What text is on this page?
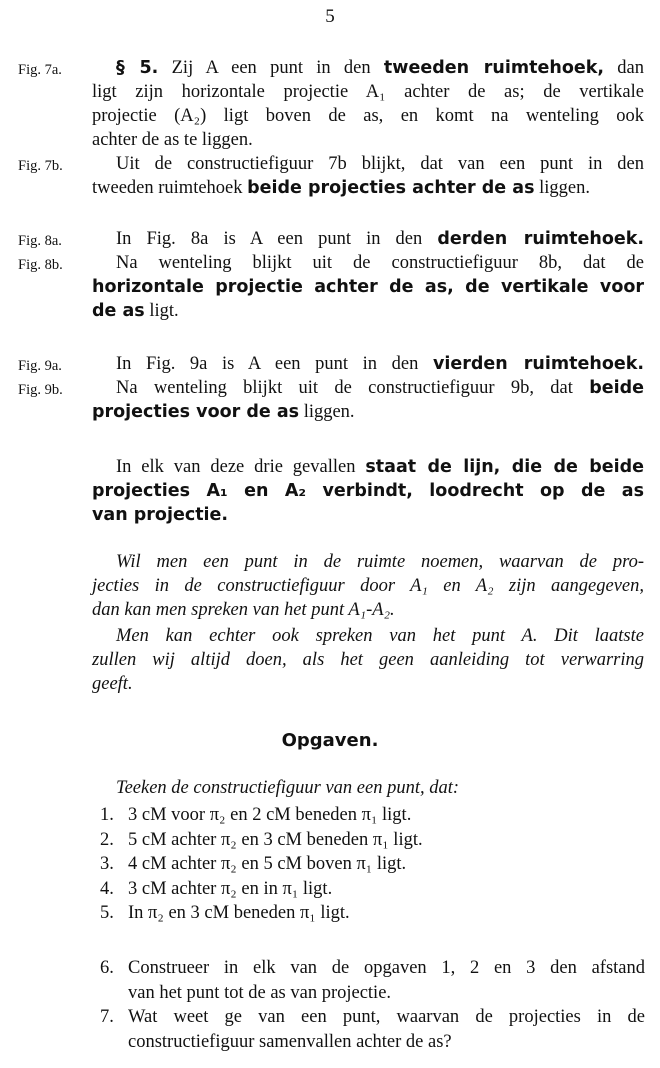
5
Fig. 7a.
Fig. 7b.
Fig. 8a.
Fig. 8b.
Fig. 9a.
Fig. 9b.
§ 5. Zij A een punt in den tweeden ruimtehoek, dan
ligt zijn horizontale projectie A₁ achter de as; de vertikale
projectie (A₂) ligt boven de as, en komt na wenteling ook
achter de as te liggen.
Uit de constructiefiguur 7b blijkt, dat van een punt in den
tweeden ruimtehoek beide projecties achter de as liggen.
In Fig. 8a is A een punt in den derden ruimtehoek.
Na wenteling blijkt uit de constructiefiguur 8b, dat de
horizontale projectie achter de as, de vertikale voor
de as ligt.
In Fig. 9a is A een punt in den vierden ruimtehoek.
Na wenteling blijkt uit de constructiefiguur 9b, dat beide
projecties voor de as liggen.
In elk van deze drie gevallen staat de lijn, die de beide
projecties A₁ en A₂ verbindt, loodrecht op de as
van projectie.
Wil men een punt in de ruimte noemen, waarvan de pro-
jecties in de constructiefiguur door A₁ en A₂ zijn aangegeven,
dan kan men spreken van het punt A₁-A₂.
Men kan echter ook spreken van het punt A. Dit laatste
zullen wij altijd doen, als het geen aanleiding tot verwarring
geeft.
Opgaven.
Teeken de constructiefiguur van een punt, dat:
1. 3 cM voor π₂ en 2 cM beneden π₁ ligt.
2. 5 cM achter π₂ en 3 cM beneden π₁ ligt.
3. 4 cM achter π₂ en 5 cM boven π₁ ligt.
4. 3 cM achter π₂ en in π₁ ligt.
5. In π₂ en 3 cM beneden π₁ ligt.
6. Construeer in elk van de opgaven 1, 2 en 3 den afstand
van het punt tot de as van projectie.
7. Wat weet ge van een punt, waarvan de projecties in de
constructiefiguur samenvallen achter de as?
